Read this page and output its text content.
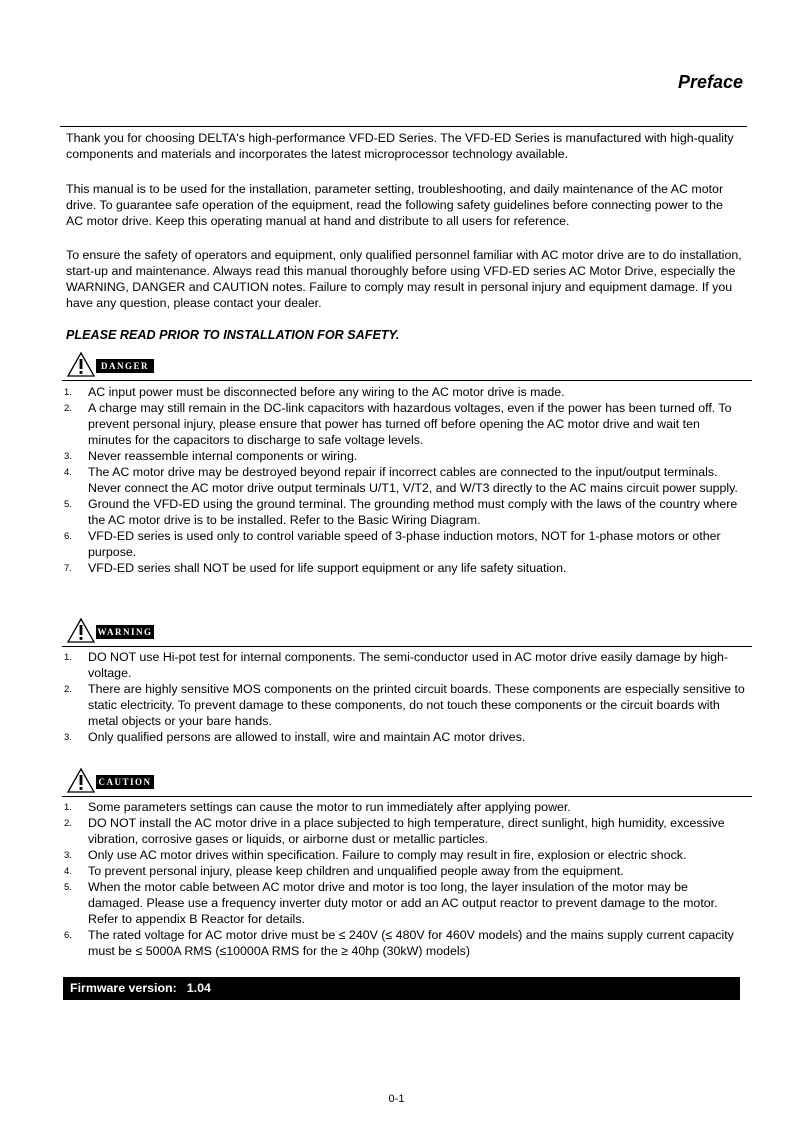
Preface

Thank you for choosing DELTA's high-performance VFD-ED Series. The VFD-ED Series is manufactured with high-quality components and materials and incorporates the latest microprocessor technology available.

This manual is to be used for the installation, parameter setting, troubleshooting, and daily maintenance of the AC motor drive. To guarantee safe operation of the equipment, read the following safety guidelines before connecting power to the AC motor drive. Keep this operating manual at hand and distribute to all users for reference.

To ensure the safety of operators and equipment, only qualified personnel familiar with AC motor drive are to do installation, start-up and maintenance. Always read this manual thoroughly before using VFD-ED series AC Motor Drive, especially the WARNING, DANGER and CAUTION notes. Failure to comply may result in personal injury and equipment damage. If you have any question, please contact your dealer.

PLEASE READ PRIOR TO INSTALLATION FOR SAFETY.
DANGER
1. AC input power must be disconnected before any wiring to the AC motor drive is made.
2. A charge may still remain in the DC-link capacitors with hazardous voltages, even if the power has been turned off. To prevent personal injury, please ensure that power has turned off before opening the AC motor drive and wait ten minutes for the capacitors to discharge to safe voltage levels.
3. Never reassemble internal components or wiring.
4. The AC motor drive may be destroyed beyond repair if incorrect cables are connected to the input/output terminals. Never connect the AC motor drive output terminals U/T1, V/T2, and W/T3 directly to the AC mains circuit power supply.
5. Ground the VFD-ED using the ground terminal. The grounding method must comply with the laws of the country where the AC motor drive is to be installed. Refer to the Basic Wiring Diagram.
6. VFD-ED series is used only to control variable speed of 3-phase induction motors, NOT for 1-phase motors or other purpose.
7. VFD-ED series shall NOT be used for life support equipment or any life safety situation.
WARNING
1. DO NOT use Hi-pot test for internal components. The semi-conductor used in AC motor drive easily damage by high-voltage.
2. There are highly sensitive MOS components on the printed circuit boards. These components are especially sensitive to static electricity. To prevent damage to these components, do not touch these components or the circuit boards with metal objects or your bare hands.
3. Only qualified persons are allowed to install, wire and maintain AC motor drives.
CAUTION
1. Some parameters settings can cause the motor to run immediately after applying power.
2. DO NOT install the AC motor drive in a place subjected to high temperature, direct sunlight, high humidity, excessive vibration, corrosive gases or liquids, or airborne dust or metallic particles.
3. Only use AC motor drives within specification. Failure to comply may result in fire, explosion or electric shock.
4. To prevent personal injury, please keep children and unqualified people away from the equipment.
5. When the motor cable between AC motor drive and motor is too long, the layer insulation of the motor may be damaged. Please use a frequency inverter duty motor or add an AC output reactor to prevent damage to the motor. Refer to appendix B Reactor for details.
6. The rated voltage for AC motor drive must be ≤ 240V (≤ 480V for 460V models) and the mains supply current capacity must be ≤ 5000A RMS (≤10000A RMS for the ≥ 40hp (30kW) models)
Firmware version: 1.04
0-1
